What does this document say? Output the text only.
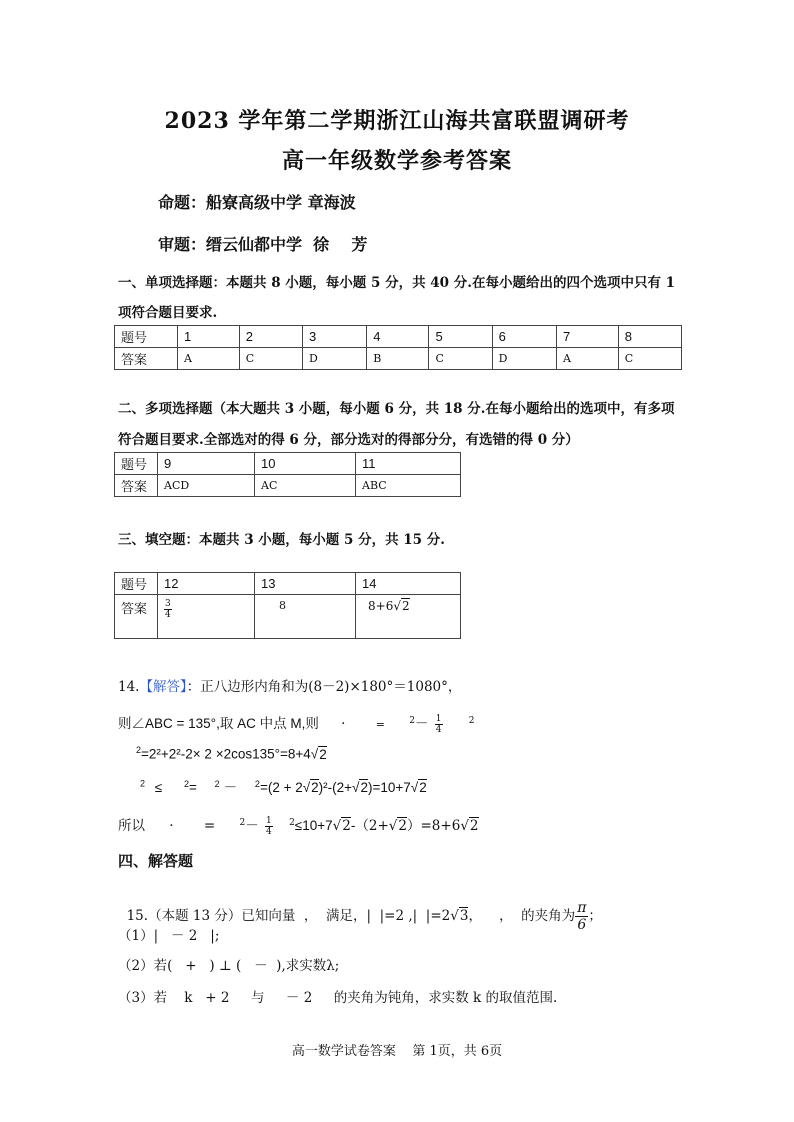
2023 学年第二学期浙江山海共富联盟调研考
高一年级数学参考答案
命题：船寮高级中学 章海波
审题：缙云仙都中学  徐    芳
一、单项选择题：本题共 8 小题，每小题 5 分，共 40 分.在每小题给出的四个选项中只有 1
项符合题目要求.
题号	1	2	3	4	5	6	7	8
答案	A	C	D	B	C	D	A	C
二、多项选择题（本大题共 3 小题，每小题 6 分，共 18 分.在每小题给出的选项中，有多项
符合题目要求.全部选对的得 6 分，部分选对的得部分分，有选错的得 0 分）
题号	9	10	11
答案	ACD	AC	ABC
三、填空题：本题共 3 小题，每小题 5 分，共 15 分.
题号	12	13	14
答案	$\frac{3}{4}$	8	8+6√2
14.【解答】：正八边形内角和为(8－2)×180°＝1080°，
则∠ABC = 135°,取 AC 中点 M,则 ·	=	$^2- \frac{1}{4}$	$^2$
$^2$=2²+2²-2× 2 ×2cos135°=8+4√2
$^2$ ≤ $^2$= $^2$ － $^2$=(2 + 2√2)²-(2+√2)=10+7√2
所以 · =	$^2- \frac{1}{4} ^2\le 10+7√2-(2+√2)=8+6√2$
四、解答题

15.（本题 13 分）已知向量  ，  满足，|  |=2 ,|  |=2√3，    ，  的夹角为 $\frac{\pi}{6}$ ；

（1）|   － 2   |;
（2）若(   +   ) ⊥ (   －  ),求实数λ;
（3）若    k   + 2     与     － 2     的夹角为钝角，求实数 k 的取值范围.
高一数学试卷答案    第 1页，共 6页
